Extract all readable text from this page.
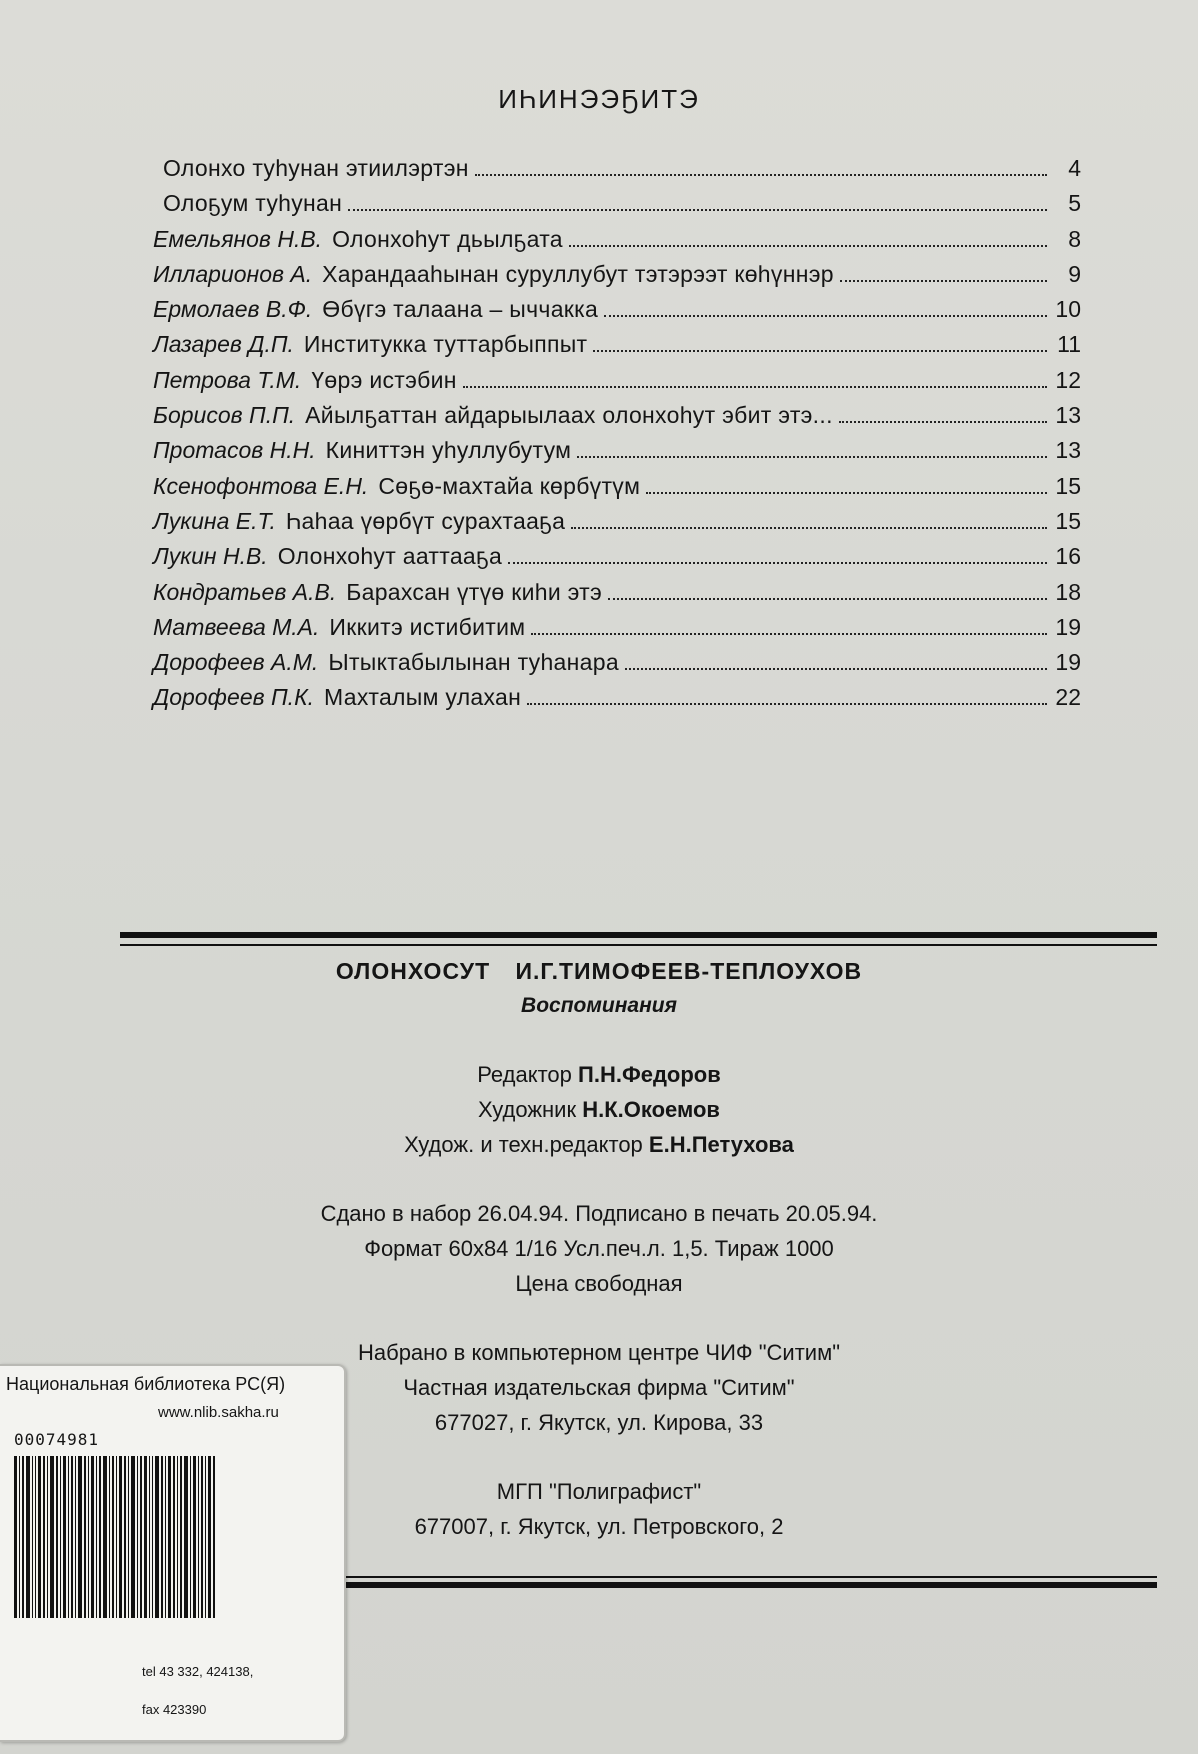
ИҺИНЭЭҔИТЭ
Олонхо туһунан этиилэртэн	4
Олоҕум туһунан	5
Емельянов Н.В. Олонхоһут дьылҕата	8
Илларионов А. Харандааһынан суруллубут тэтэрээт көһүннэр	9
Ермолаев В.Ф. Өбүгэ талаана – ыччакка	10
Лазарев Д.П. Институкка туттарбыппыт	11
Петрова Т.М. Үөрэ истэбин	12
Борисов П.П. Айылҕаттан айдарыылаах олонхоһут эбит этэ...	13
Протасов Н.Н. Киниттэн уһуллубутум	13
Ксенофонтова Е.Н. Сөҕө-махтайа көрбүтүм	15
Лукина Е.Т. Һаһаа үөрбүт сурахтааҕа	15
Лукин Н.В. Олонхоһут ааттааҕа	16
Кондратьев А.В. Барахсан үтүө киһи этэ	18
Матвеева М.А. Иккитэ истибитим	19
Дорофеев А.М. Ытыктабылынан туһанара	19
Дорофеев П.К. Махталым улахан	22
ОЛОНХОСУТ И.Г.ТИМОФЕЕВ-ТЕПЛОУХОВ
Воспоминания
Редактор П.Н.Федоров
Художник Н.К.Окоемов
Худож. и техн.редактор Е.Н.Петухова
Сдано в набор 26.04.94. Подписано в печать 20.05.94.
Формат 60х84 1/16 Усл.печ.л. 1,5. Тираж 1000
Цена свободная
Набрано в компьютерном центре ЧИФ "Ситим"
Частная издательская фирма "Ситим"
677027, г. Якутск, ул. Кирова, 33
МГП "Полиграфист"
677007, г. Якутск, ул. Петровского, 2
Национальная библиотека РС(Я)
www.nlib.sakha.ru
00074981
tel 43 332, 424138,
fax 423390
